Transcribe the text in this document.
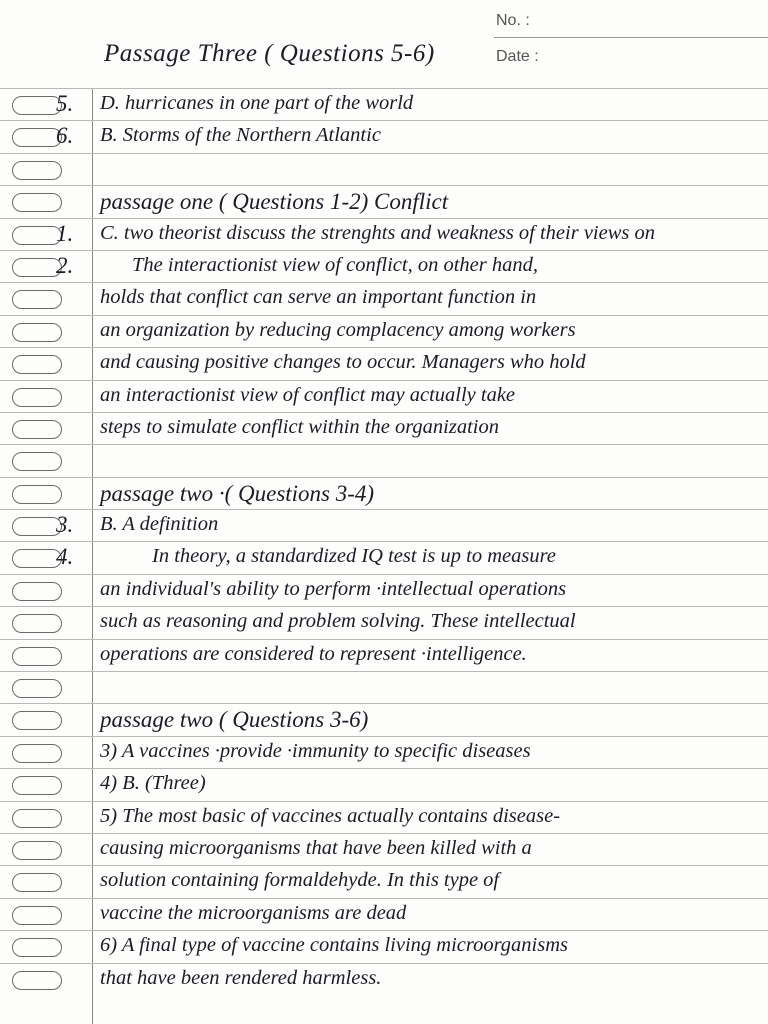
No. :
Date :
Passage Three ( Questions 5-6)
5. D. hurricanes in one part of the world
6. B. Storms of the Northern Atlantic
passage one ( Questions 1-2) Conflict
1. C. two theorist discuss the strenghts and weakness of their views on
2.	The interactionist view of conflict, on other hand,
holds that conflict can serve an important function in
an organization by reducing complacency among workers
and causing positive changes to occur. Managers who hold
an interactionist view of conflict may actually take
steps to simulate conflict within the organization
passage two ·( Questions 3-4)
3. B. A definition
4.	In theory, a standardized IQ test is up to measure
an individual's ability to perform ·intellectual operations
such as reasoning and problem solving. These intellectual
operations are considered to represent ·intelligence.
passage two ( Questions 3-6)
3) A vaccines ·provide ·immunity to specific diseases
4) B. (Three)
5) The most basic of vaccines actually contains disease-
causing microorganisms that have been killed with a
solution containing formaldehyde. In this type of
vaccine the microorganisms are dead
6) A final type of vaccine contains living microorganisms
that have been rendered harmless.
